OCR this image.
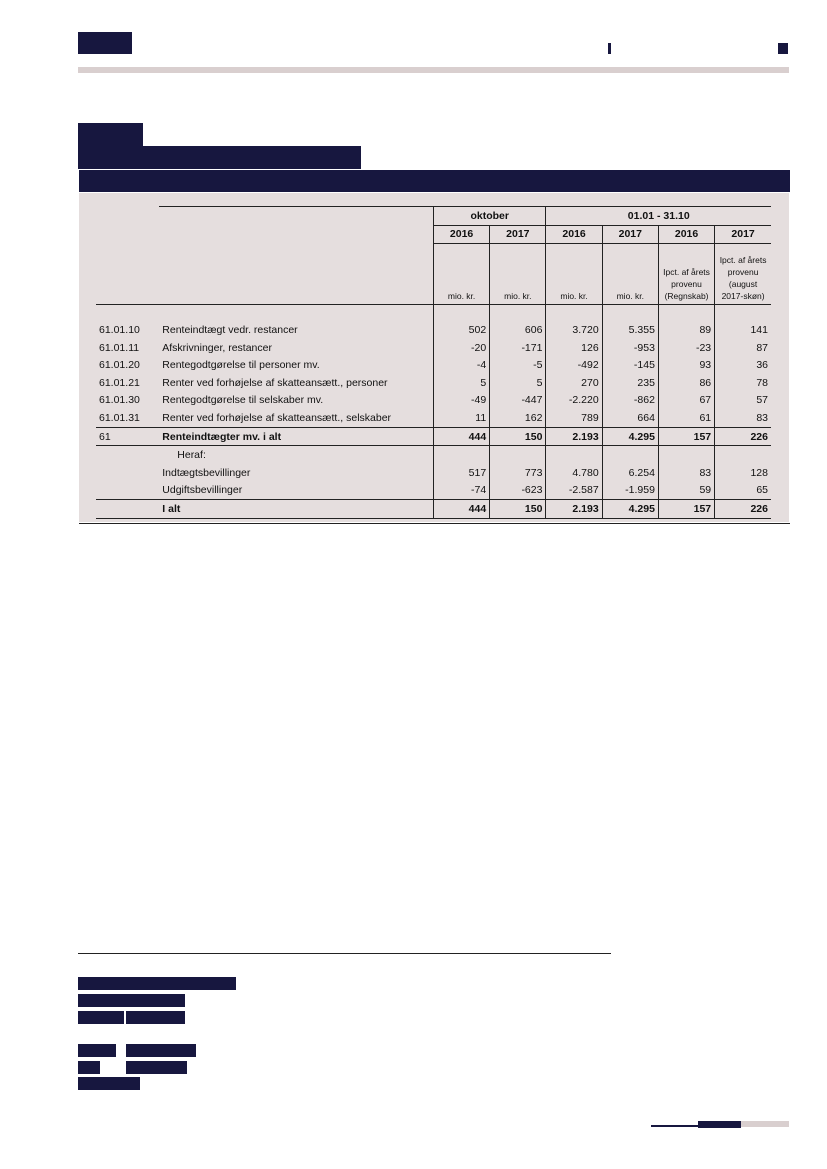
		oktober		01.01 - 31.10			
		2016	2017	2016	2017	2016	2017
		mio. kr.	mio. kr.	mio. kr.	mio. kr.	Ipct. af årets provenu (Regnskab)	Ipct. af årets provenu (august 2017-skøn)

61.01.10	Renteindtægt vedr. restancer	502	606	3.720	5.355	89	141
61.01.11	Afskrivninger, restancer	-20	-171	126	-953	-23	87
61.01.20	Rentegodtgørelse til personer mv.	-4	-5	-492	-145	93	36
61.01.21	Renter ved forhøjelse af skatteansætt., personer	5	5	270	235	86	78
61.01.30	Rentegodtgørelse til selskaber mv.	-49	-447	-2.220	-862	67	57
61.01.31	Renter ved forhøjelse af skatteansætt., selskaber	11	162	789	664	61	83
61	Renteindtægter mv. i alt	444	150	2.193	4.295	157	226
	Heraf:						
	Indtægtsbevillinger	517	773	4.780	6.254	83	128
	Udgiftsbevillinger	-74	-623	-2.587	-1.959	59	65
	I alt	444	150	2.193	4.295	157	226
